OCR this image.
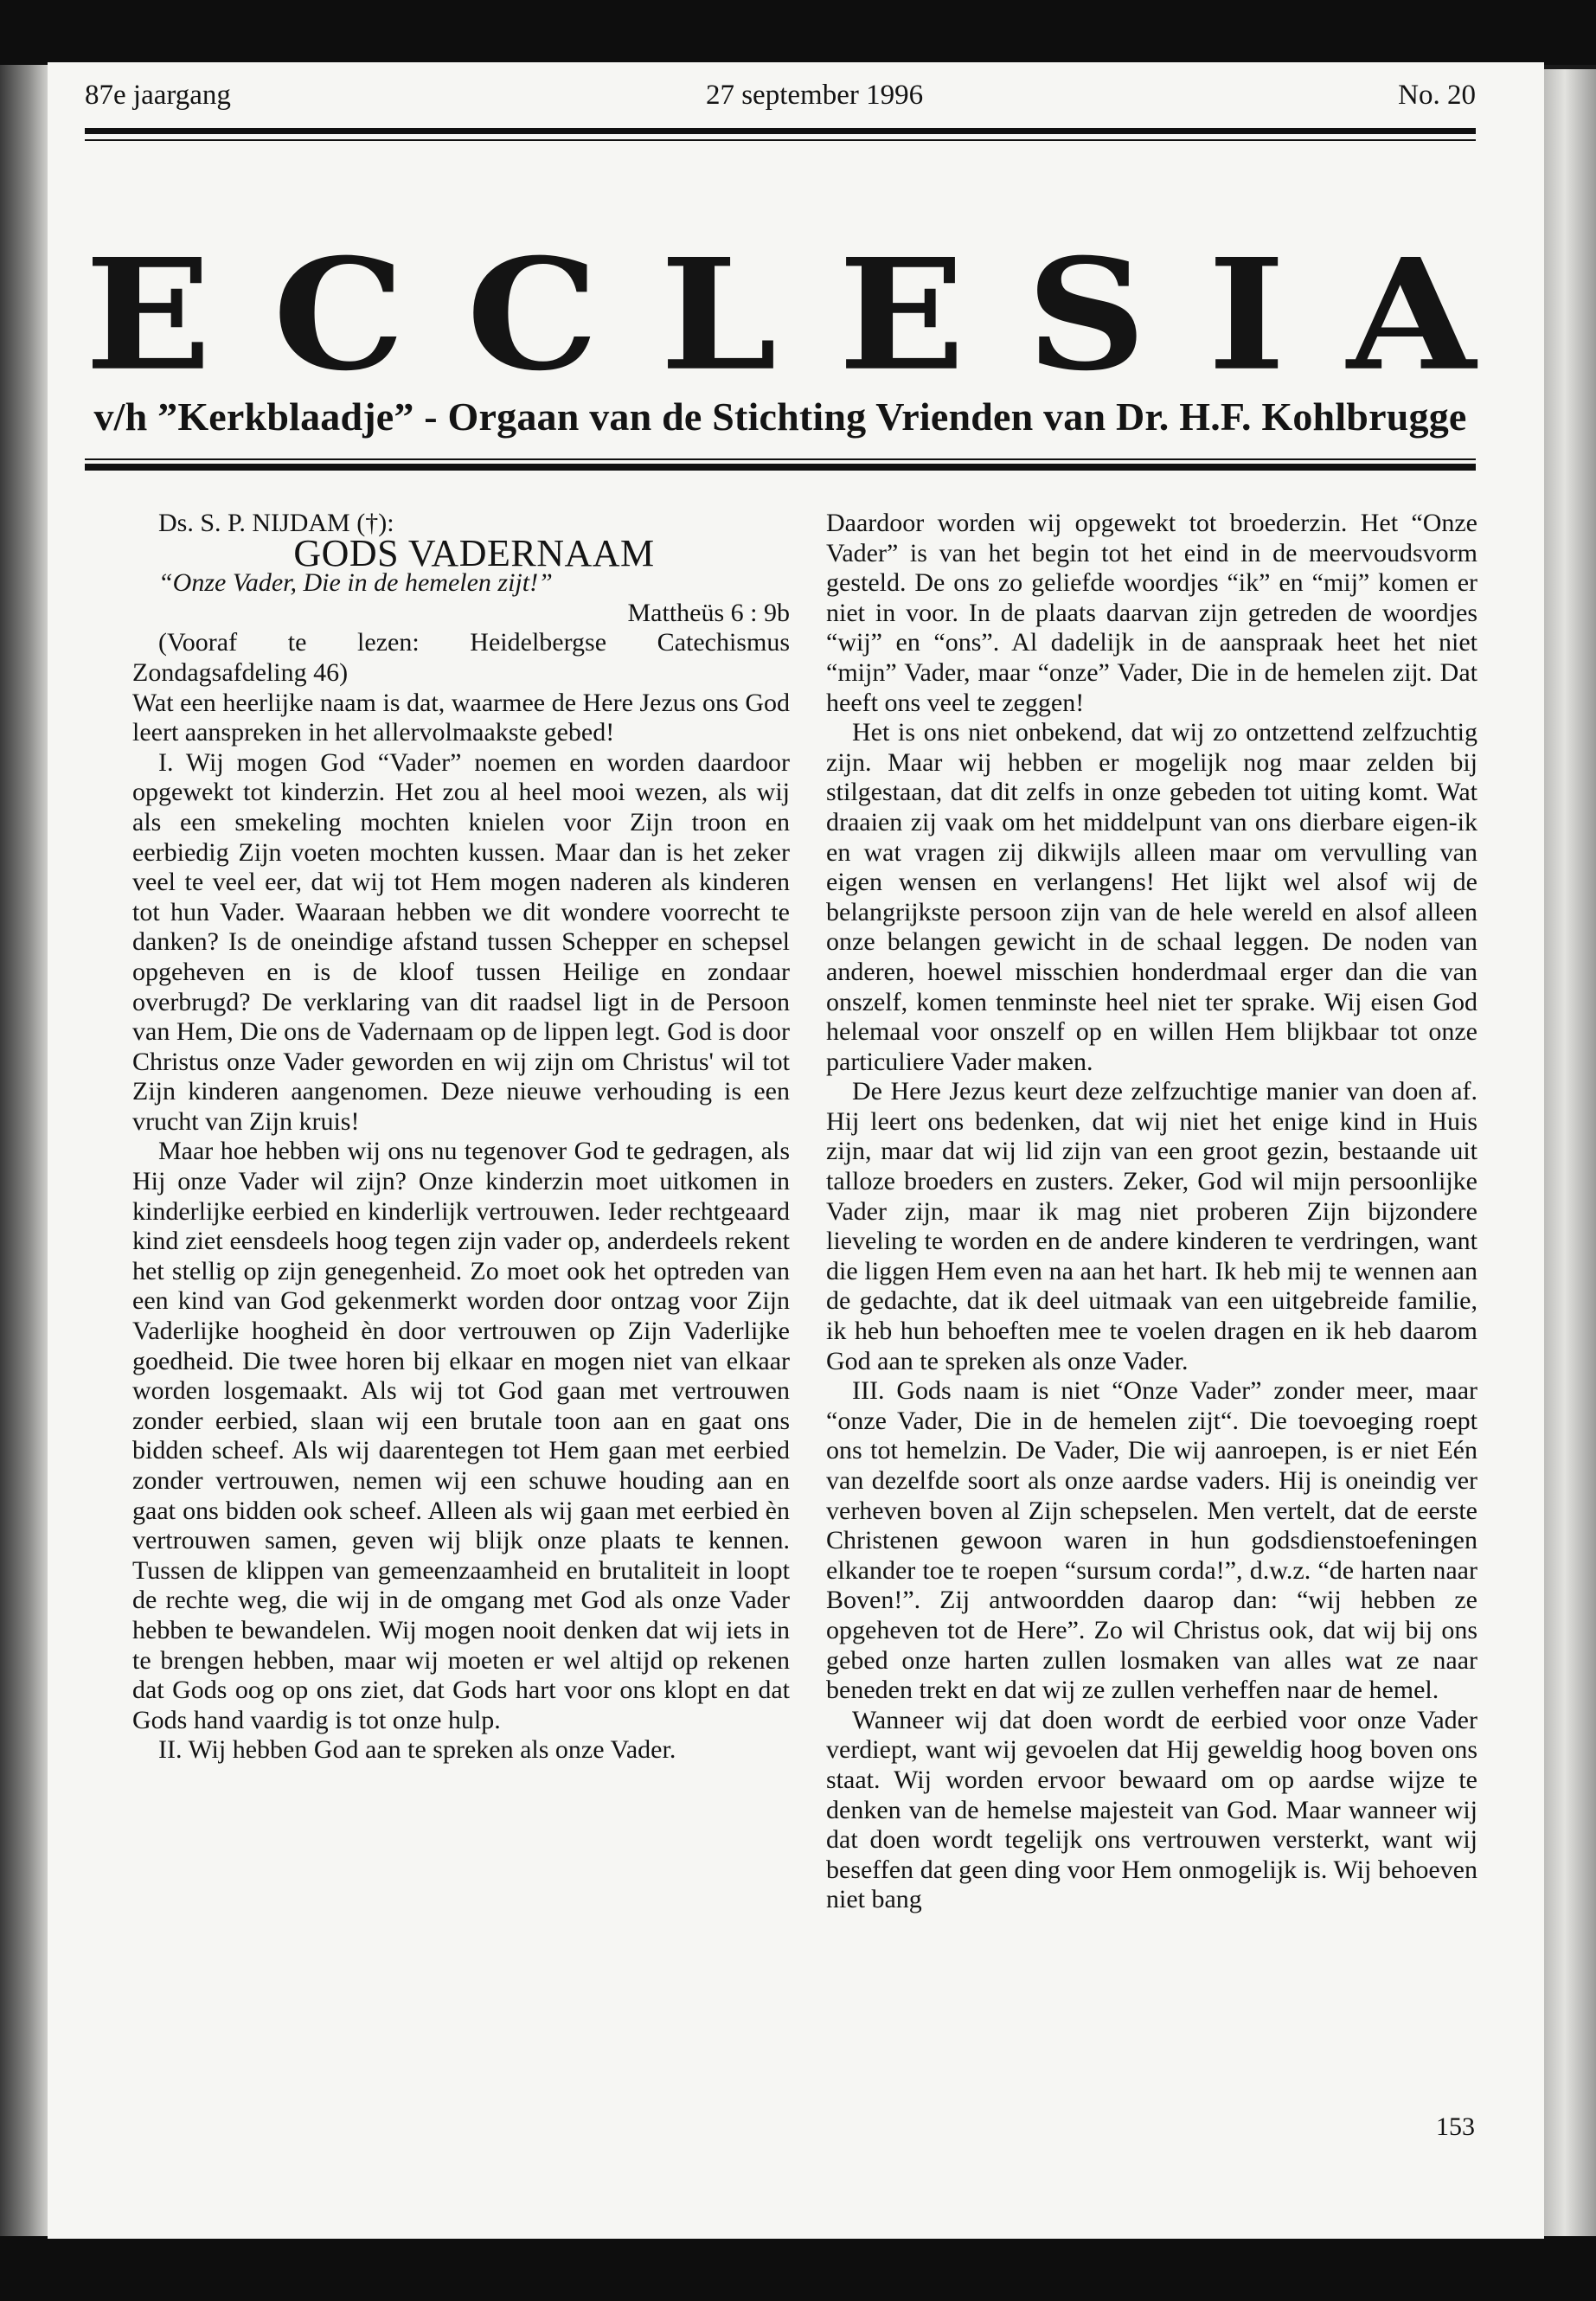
87e jaargang	27 september 1996	No. 20
E C C L E S I A
v/h ”Kerkblaadje” - Orgaan van de Stichting Vrienden van Dr. H.F. Kohlbrugge

Ds. S. P. NIJDAM (†):

GODS VADERNAAM

“Onze Vader, Die in de hemelen zijt!”

Mattheüs 6 : 9b

(Vooraf te lezen: Heidelbergse Catechismus Zondagsafdeling 46)

Wat een heerlijke naam is dat, waarmee de Here Jezus ons God leert aanspreken in het allervolmaakste gebed!

I. Wij mogen God “Vader” noemen en worden daardoor opgewekt tot kinderzin. Het zou al heel mooi wezen, als wij als een smekeling mochten knielen voor Zijn troon en eerbiedig Zijn voeten mochten kussen. Maar dan is het zeker veel te veel eer, dat wij tot Hem mogen naderen als kinderen tot hun Vader. Waaraan hebben we dit wondere voorrecht te danken? Is de oneindige afstand tussen Schepper en schepsel opgeheven en is de kloof tussen Heilige en zondaar overbrugd? De verklaring van dit raadsel ligt in de Persoon van Hem, Die ons de Vadernaam op de lippen legt. God is door Christus onze Vader geworden en wij zijn om Christus' wil tot Zijn kinderen aangenomen. Deze nieuwe verhouding is een vrucht van Zijn kruis!

Maar hoe hebben wij ons nu tegenover God te gedragen, als Hij onze Vader wil zijn? Onze kinderzin moet uitkomen in kinderlijke eerbied en kinderlijk vertrouwen. Ieder rechtgeaard kind ziet eensdeels hoog tegen zijn vader op, anderdeels rekent het stellig op zijn genegenheid. Zo moet ook het optreden van een kind van God gekenmerkt worden door ontzag voor Zijn Vaderlijke hoogheid èn door vertrouwen op Zijn Vaderlijke goedheid. Die twee horen bij elkaar en mogen niet van elkaar worden losgemaakt. Als wij tot God gaan met vertrouwen zonder eerbied, slaan wij een brutale toon aan en gaat ons bidden scheef. Als wij daarentegen tot Hem gaan met eerbied zonder vertrouwen, nemen wij een schuwe houding aan en gaat ons bidden ook scheef. Alleen als wij gaan met eerbied èn vertrouwen samen, geven wij blijk onze plaats te kennen. Tussen de klippen van gemeenzaamheid en brutaliteit in loopt de rechte weg, die wij in de omgang met God als onze Vader hebben te bewandelen. Wij mogen nooit denken dat wij iets in te brengen hebben, maar wij moeten er wel altijd op rekenen dat Gods oog op ons ziet, dat Gods hart voor ons klopt en dat Gods hand vaardig is tot onze hulp.

II. Wij hebben God aan te spreken als onze Vader.

Daardoor worden wij opgewekt tot broederzin. Het “Onze Vader” is van het begin tot het eind in de meervoudsvorm gesteld. De ons zo geliefde woordjes “ik” en “mij” komen er niet in voor. In de plaats daarvan zijn getreden de woordjes “wij” en “ons”. Al dadelijk in de aanspraak heet het niet “mijn” Vader, maar “onze” Vader, Die in de hemelen zijt. Dat heeft ons veel te zeggen!

Het is ons niet onbekend, dat wij zo ontzettend zelfzuchtig zijn. Maar wij hebben er mogelijk nog maar zelden bij stilgestaan, dat dit zelfs in onze gebeden tot uiting komt. Wat draaien zij vaak om het middelpunt van ons dierbare eigen-ik en wat vragen zij dikwijls alleen maar om vervulling van eigen wensen en verlangens! Het lijkt wel alsof wij de belangrijkste persoon zijn van de hele wereld en alsof alleen onze belangen gewicht in de schaal leggen. De noden van anderen, hoewel misschien honderdmaal erger dan die van onszelf, komen tenminste heel niet ter sprake. Wij eisen God helemaal voor onszelf op en willen Hem blijkbaar tot onze particuliere Vader maken.

De Here Jezus keurt deze zelfzuchtige manier van doen af. Hij leert ons bedenken, dat wij niet het enige kind in Huis zijn, maar dat wij lid zijn van een groot gezin, bestaande uit talloze broeders en zusters. Zeker, God wil mijn persoonlijke Vader zijn, maar ik mag niet proberen Zijn bijzondere lieveling te worden en de andere kinderen te verdringen, want die liggen Hem even na aan het hart. Ik heb mij te wennen aan de gedachte, dat ik deel uitmaak van een uitgebreide familie, ik heb hun behoeften mee te voelen dragen en ik heb daarom God aan te spreken als onze Vader.

III. Gods naam is niet “Onze Vader” zonder meer, maar “onze Vader, Die in de hemelen zijt“. Die toevoeging roept ons tot hemelzin. De Vader, Die wij aanroepen, is er niet Eén van dezelfde soort als onze aardse vaders. Hij is oneindig ver verheven boven al Zijn schepselen. Men vertelt, dat de eerste Christenen gewoon waren in hun godsdienstoefeningen elkander toe te roepen “sursum corda!”, d.w.z. “de harten naar Boven!”. Zij antwoordden daarop dan: “wij hebben ze opgeheven tot de Here”. Zo wil Christus ook, dat wij bij ons gebed onze harten zullen losmaken van alles wat ze naar beneden trekt en dat wij ze zullen verheffen naar de hemel.

Wanneer wij dat doen wordt de eerbied voor onze Vader verdiept, want wij gevoelen dat Hij geweldig hoog boven ons staat. Wij worden ervoor bewaard om op aardse wijze te denken van de hemelse majesteit van God. Maar wanneer wij dat doen wordt tegelijk ons vertrouwen versterkt, want wij beseffen dat geen ding voor Hem onmogelijk is. Wij behoeven niet bang

153
